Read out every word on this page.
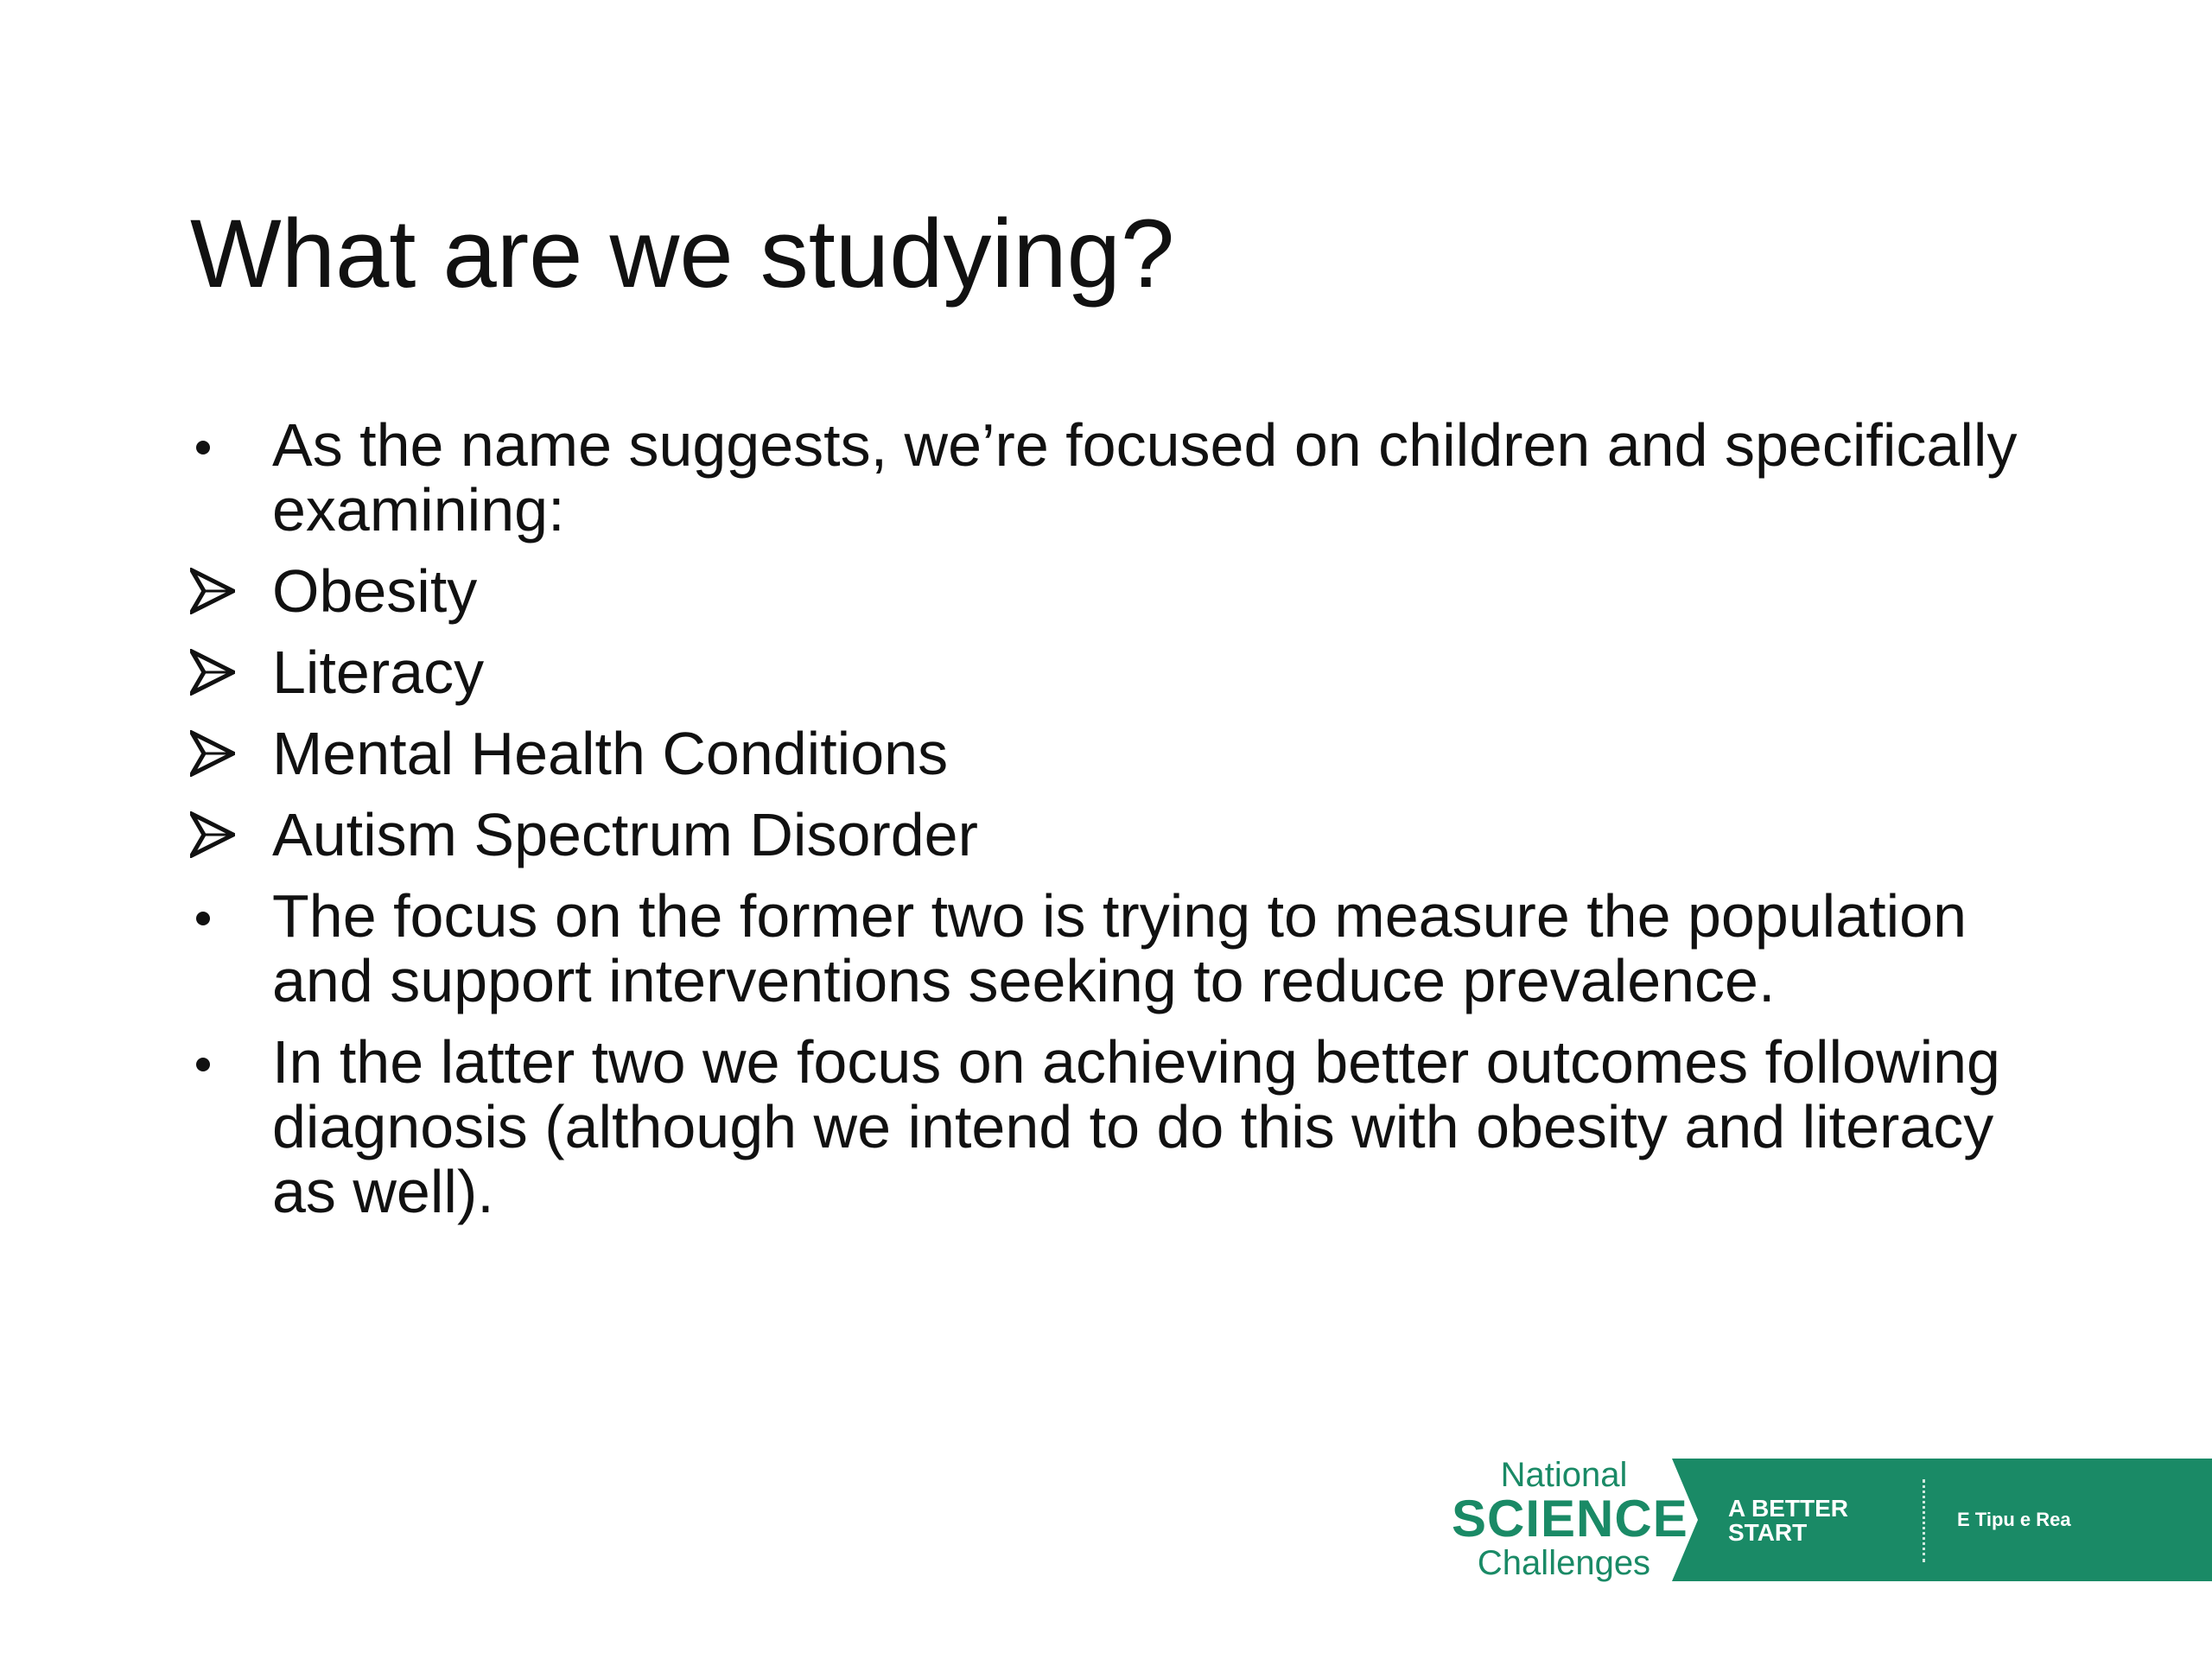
What are we studying?
As the name suggests, we’re focused on children and specifically examining:
Obesity
Literacy
Mental Health Conditions
Autism Spectrum Disorder
The focus on the former two is trying to measure the population and support interventions seeking to reduce prevalence.
In the latter two we focus on achieving better outcomes following diagnosis (although we intend to do this with obesity and literacy as well).
National
SCIENCE
Challenges
A BETTER
START	E Tipu e Rea
